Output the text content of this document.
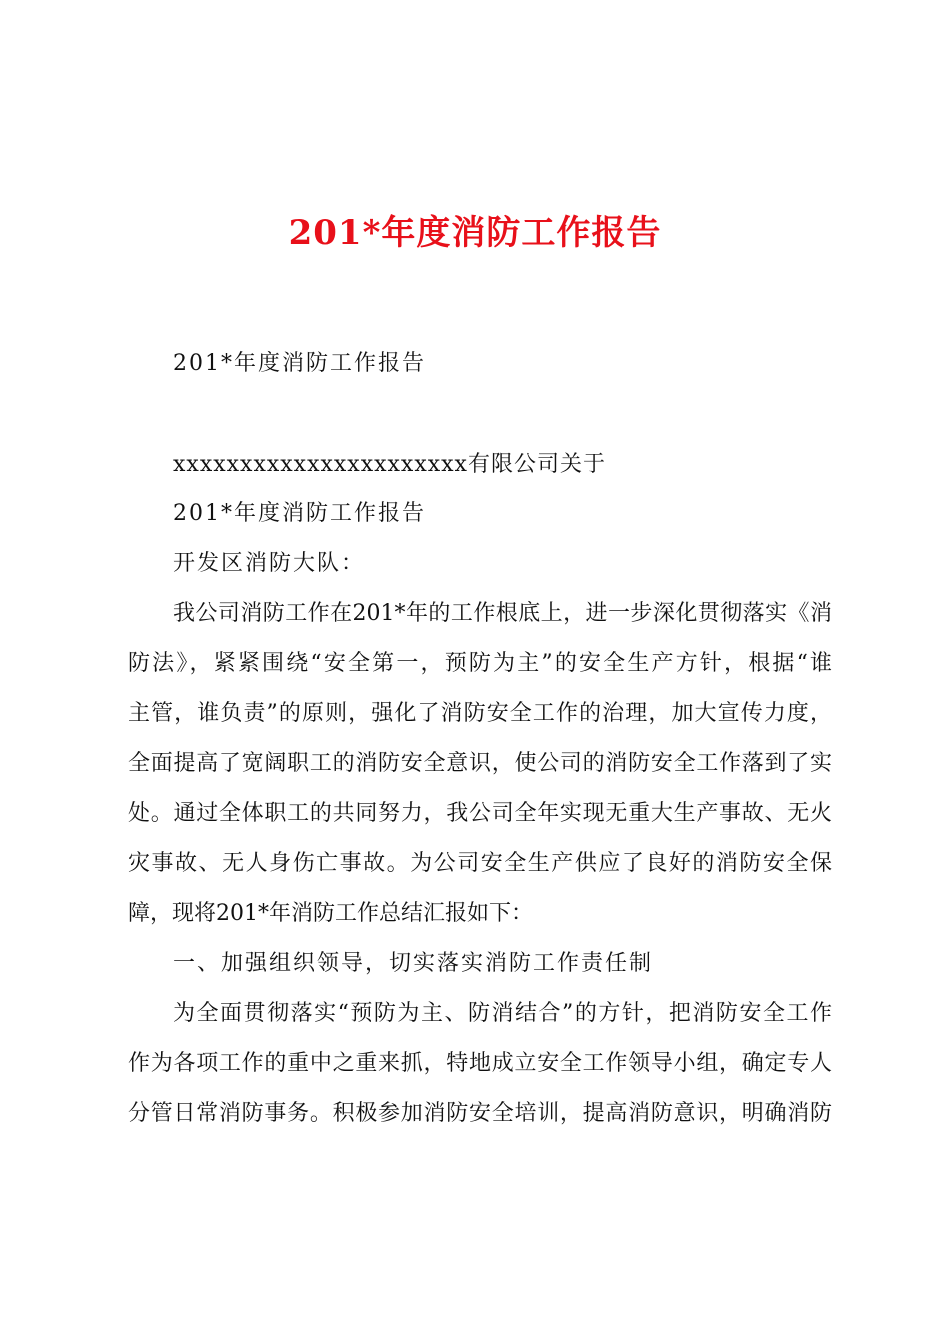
201*年度消防工作报告
201*年度消防工作报告
xxxxxxxxxxxxxxxxxxxxxx有限公司关于
201*年度消防工作报告
开发区消防大队：
我公司消防工作在201*年的工作根底上，进一步深化贯彻落实《消
防法》，紧紧围绕“安全第一，预防为主”的安全生产方针，根据“谁
主管，谁负责”的原则，强化了消防安全工作的治理，加大宣传力度，
全面提高了宽阔职工的消防安全意识，使公司的消防安全工作落到了实
处。通过全体职工的共同努力，我公司全年实现无重大生产事故、无火
灾事故、无人身伤亡事故。为公司安全生产供应了良好的消防安全保
障，现将201*年消防工作总结汇报如下：
一、加强组织领导，切实落实消防工作责任制
为全面贯彻落实“预防为主、防消结合”的方针，把消防安全工作
作为各项工作的重中之重来抓，特地成立安全工作领导小组，确定专人
分管日常消防事务。积极参加消防安全培训，提高消防意识，明确消防
